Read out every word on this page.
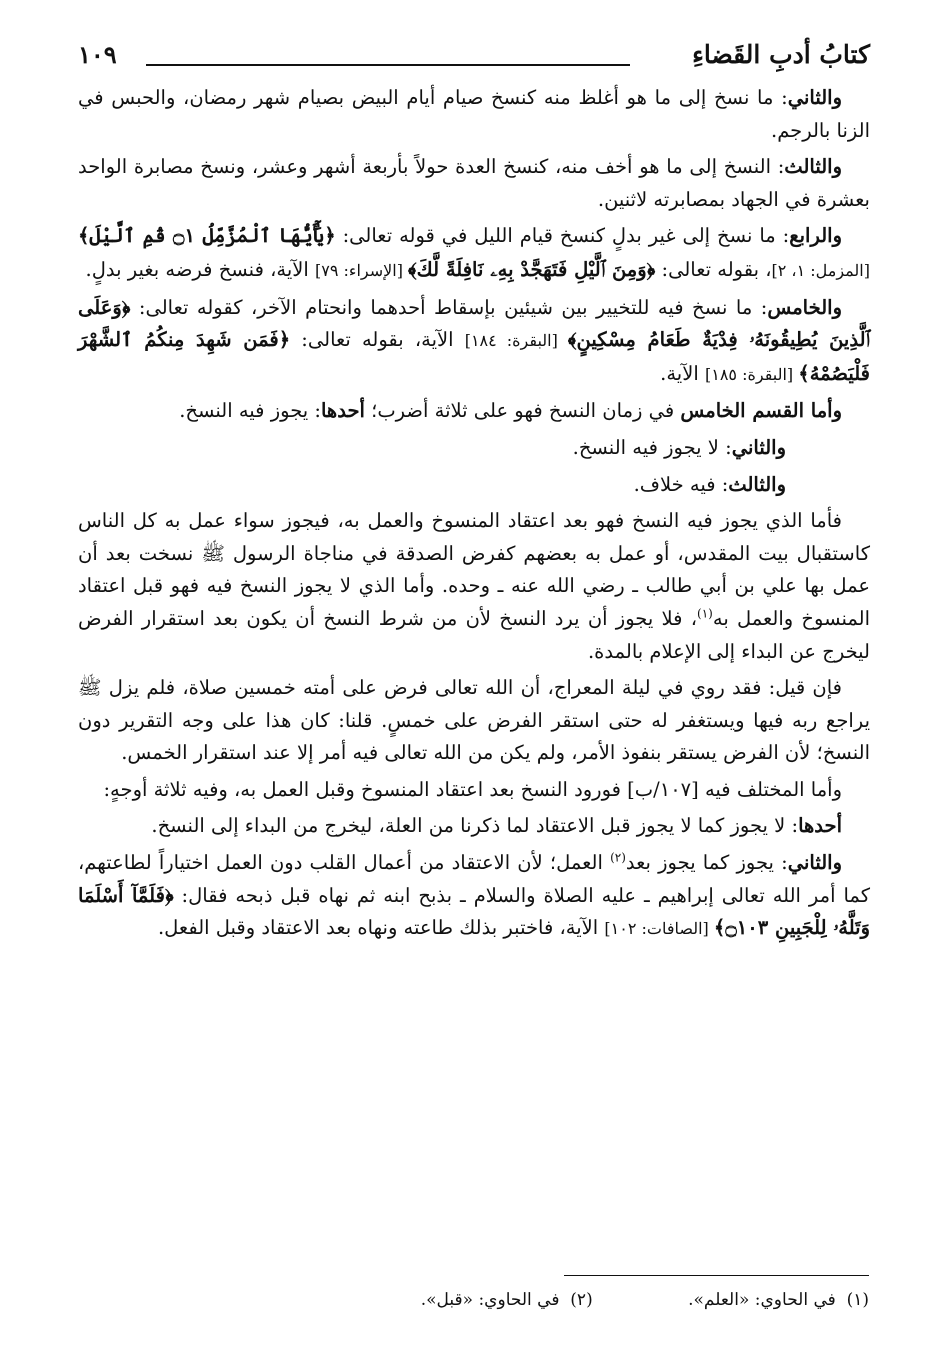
كتابُ أدبِ القَضاءِ
١٠٩

والثاني: ما نسخ إلى ما هو أغلظ منه كنسخ صيام أيام البيض بصيام شهر رمضان، والحبس في الزنا بالرجم.

والثالث: النسخ إلى ما هو أخف منه، كنسخ العدة حولاً بأربعة أشهر وعشر، ونسخ مصابرة الواحد بعشرة في الجهاد بمصابرته لاثنين.

والرابع: ما نسخ إلى غير بدلٍ كنسخ قيام الليل في قوله تعالى: ﴿يَٰٓأَيُّهَا ٱلْمُزَّمِّلُ ۝١ قُمِ ٱلَّيْلَ﴾ [المزمل: ١، ٢]، بقوله تعالى: ﴿وَمِنَ ٱلَّيْلِ فَتَهَجَّدْ بِهِۦ نَافِلَةً لَّكَ﴾ [الإسراء: ٧٩] الآية، فنسخ فرضه بغير بدلٍ.

والخامس: ما نسخ فيه للتخيير بين شيئين بإسقاط أحدهما وانحتام الآخر، كقوله تعالى: ﴿وَعَلَى ٱلَّذِينَ يُطِيقُونَهُۥ فِدْيَةٌ طَعَامُ مِسْكِينٍ﴾ [البقرة: ١٨٤] الآية، بقوله تعالى: ﴿فَمَن شَهِدَ مِنكُمُ ٱلشَّهْرَ فَلْيَصُمْهُ﴾ [البقرة: ١٨٥] الآية.

وأما القسم الخامس في زمان النسخ فهو على ثلاثة أضرب؛ أحدها: يجوز فيه النسخ.

والثاني: لا يجوز فيه النسخ.

والثالث: فيه خلاف.

فأما الذي يجوز فيه النسخ فهو بعد اعتقاد المنسوخ والعمل به، فيجوز سواء عمل به كل الناس كاستقبال بيت المقدس، أو عمل به بعضهم كفرض الصدقة في مناجاة الرسول ﷺ نسخت بعد أن عمل بها علي بن أبي طالب ـ رضي الله عنه ـ وحده. وأما الذي لا يجوز النسخ فيه فهو قبل اعتقاد المنسوخ والعمل به$^{(١)}$، فلا يجوز أن يرد النسخ لأن من شرط النسخ أن يكون بعد استقرار الفرض ليخرج عن البداء إلى الإعلام بالمدة.

فإن قيل: فقد روي في ليلة المعراج، أن الله تعالى فرض على أمته خمسين صلاة، فلم يزل ﷺ يراجع ربه فيها ويستغفر له حتى استقر الفرض على خمسٍ. قلنا: كان هذا على وجه التقرير دون النسخ؛ لأن الفرض يستقر بنفوذ الأمر، ولم يكن من الله تعالى فيه أمر إلا عند استقرار الخمس.

وأما المختلف فيه [١٠٧/ب] فورود النسخ بعد اعتقاد المنسوخ وقبل العمل به، وفيه ثلاثة أوجهٍ:

أحدها: لا يجوز كما لا يجوز قبل الاعتقاد لما ذكرنا من العلة، ليخرج من البداء إلى النسخ.

والثاني: يجوز كما يجوز بعد$^{(٢)}$ العمل؛ لأن الاعتقاد من أعمال القلب دون العمل اختياراً لطاعتهم، كما أمر الله تعالى إبراهيم ـ عليه الصلاة والسلام ـ بذبح ابنه ثم نهاه قبل ذبحه فقال: ﴿فَلَمَّآ أَسْلَمَا وَتَلَّهُۥ لِلْجَبِينِ ۝١٠٣﴾ [الصافات: ١٠٢] الآية، فاختبر بذلك طاعته ونهاه بعد الاعتقاد وقبل الفعل.

(١)  في الحاوي: «العلم». (٢)  في الحاوي: «قبل».
